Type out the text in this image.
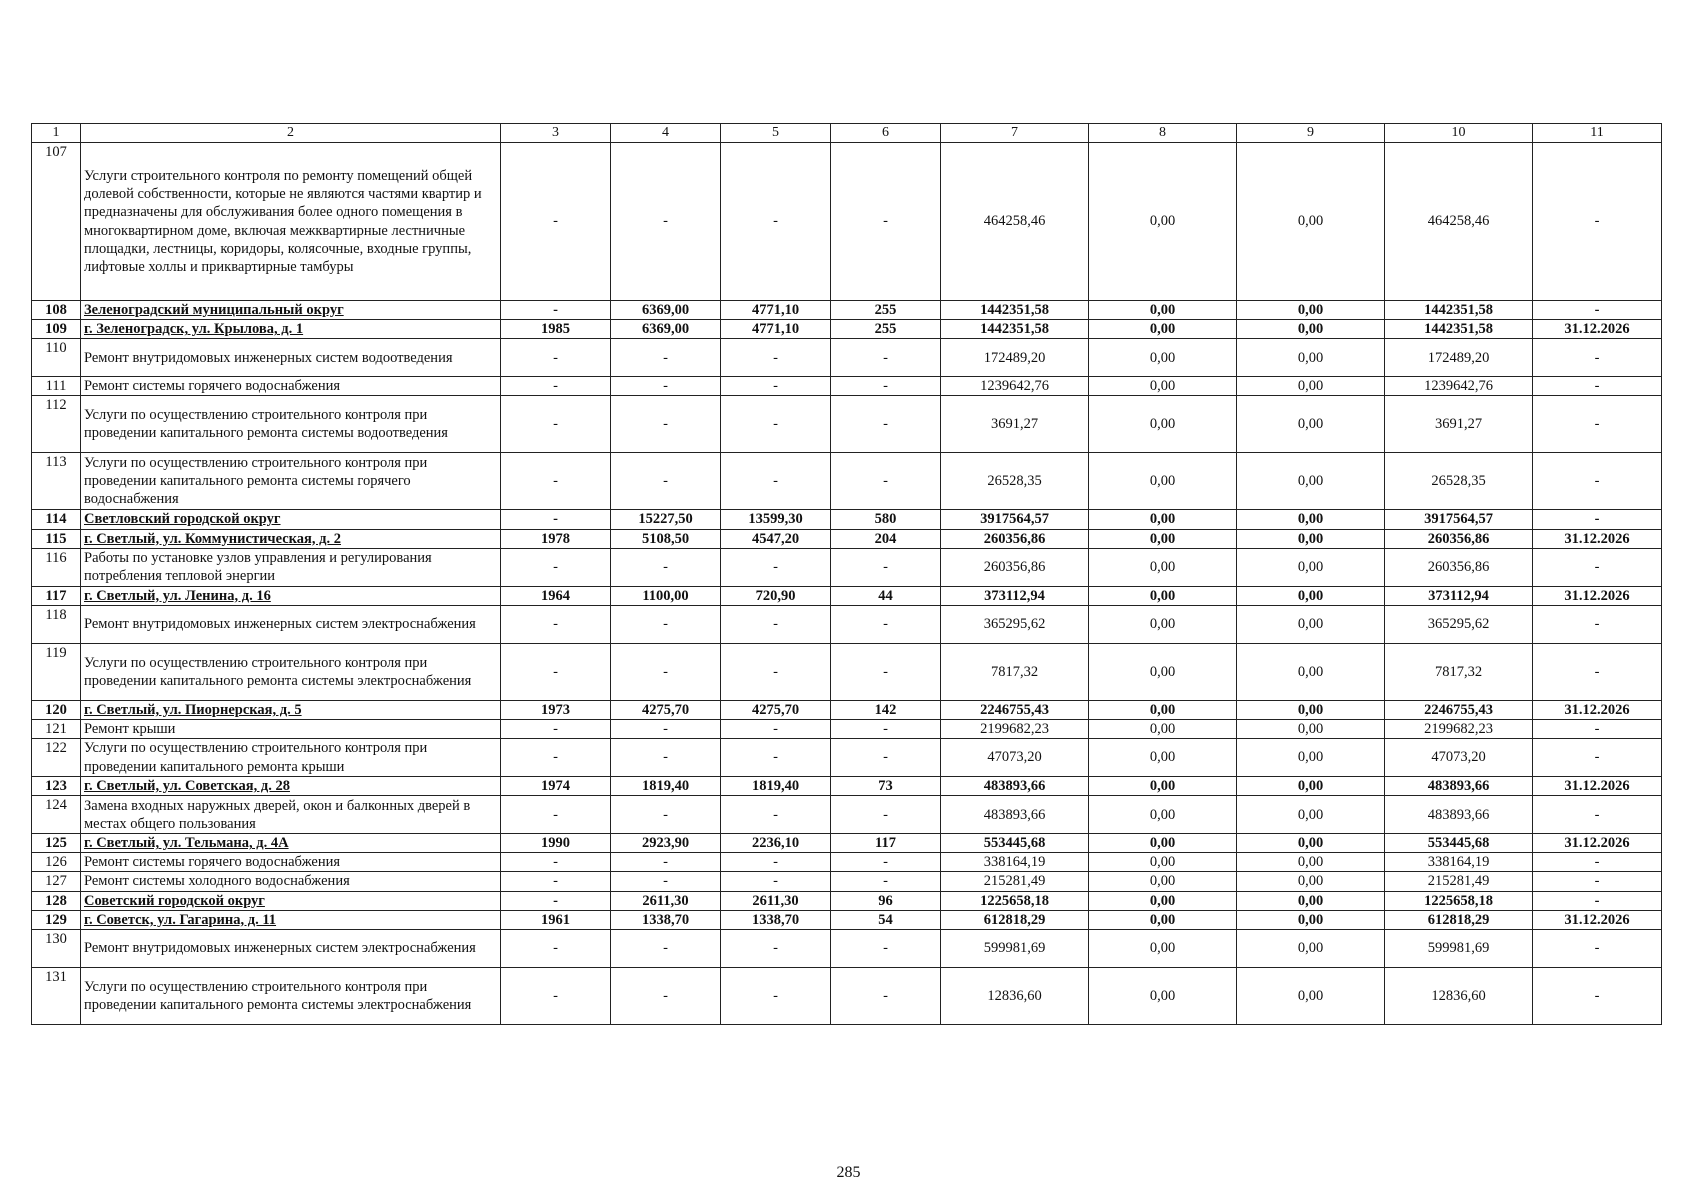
1	2	3	4	5	6	7	8	9	10	11
107	Услуги строительного контроля по ремонту помещений общей долевой собственности, которые не являются частями квартир и предназначены для обслуживания более одного помещения в многоквартирном доме, включая межквартирные лестничные площадки, лестницы, коридоры, колясочные, входные группы, лифтовые холлы и приквартирные тамбуры	-	-	-	-	464258,46	0,00	0,00	464258,46	-
108	Зеленоградский муниципальный округ	-	6369,00	4771,10	255	1442351,58	0,00	0,00	1442351,58	-
109	г. Зеленоградск, ул. Крылова, д. 1	1985	6369,00	4771,10	255	1442351,58	0,00	0,00	1442351,58	31.12.2026
110	Ремонт внутридомовых инженерных систем водоотведения	-	-	-	-	172489,20	0,00	0,00	172489,20	-
111	Ремонт системы горячего водоснабжения	-	-	-	-	1239642,76	0,00	0,00	1239642,76	-
112	Услуги по осуществлению строительного контроля при проведении капитального ремонта системы водоотведения	-	-	-	-	3691,27	0,00	0,00	3691,27	-
113	Услуги по осуществлению строительного контроля при проведении капитального ремонта системы горячего водоснабжения	-	-	-	-	26528,35	0,00	0,00	26528,35	-
114	Светловский городской округ	-	15227,50	13599,30	580	3917564,57	0,00	0,00	3917564,57	-
115	г. Светлый, ул. Коммунистическая, д. 2	1978	5108,50	4547,20	204	260356,86	0,00	0,00	260356,86	31.12.2026
116	Работы по установке узлов управления и регулирования потребления тепловой энергии	-	-	-	-	260356,86	0,00	0,00	260356,86	-
117	г. Светлый, ул. Ленина, д. 16	1964	1100,00	720,90	44	373112,94	0,00	0,00	373112,94	31.12.2026
118	Ремонт внутридомовых инженерных систем электроснабжения	-	-	-	-	365295,62	0,00	0,00	365295,62	-
119	Услуги по осуществлению строительного контроля при проведении капитального ремонта системы электроснабжения	-	-	-	-	7817,32	0,00	0,00	7817,32	-
120	г. Светлый, ул. Пиорнерская, д. 5	1973	4275,70	4275,70	142	2246755,43	0,00	0,00	2246755,43	31.12.2026
121	Ремонт крыши	-	-	-	-	2199682,23	0,00	0,00	2199682,23	-
122	Услуги по осуществлению строительного контроля при проведении капитального ремонта крыши	-	-	-	-	47073,20	0,00	0,00	47073,20	-
123	г. Светлый, ул. Советская, д. 28	1974	1819,40	1819,40	73	483893,66	0,00	0,00	483893,66	31.12.2026
124	Замена входных наружных дверей, окон и балконных дверей в местах общего пользования	-	-	-	-	483893,66	0,00	0,00	483893,66	-
125	г. Светлый, ул. Тельмана, д. 4А	1990	2923,90	2236,10	117	553445,68	0,00	0,00	553445,68	31.12.2026
126	Ремонт системы горячего водоснабжения	-	-	-	-	338164,19	0,00	0,00	338164,19	-
127	Ремонт системы холодного водоснабжения	-	-	-	-	215281,49	0,00	0,00	215281,49	-
128	Советский городской округ	-	2611,30	2611,30	96	1225658,18	0,00	0,00	1225658,18	-
129	г. Советск, ул. Гагарина, д. 11	1961	1338,70	1338,70	54	612818,29	0,00	0,00	612818,29	31.12.2026
130	Ремонт внутридомовых инженерных систем электроснабжения	-	-	-	-	599981,69	0,00	0,00	599981,69	-
131	Услуги по осуществлению строительного контроля при проведении капитального ремонта системы электроснабжения	-	-	-	-	12836,60	0,00	0,00	12836,60	-
285
